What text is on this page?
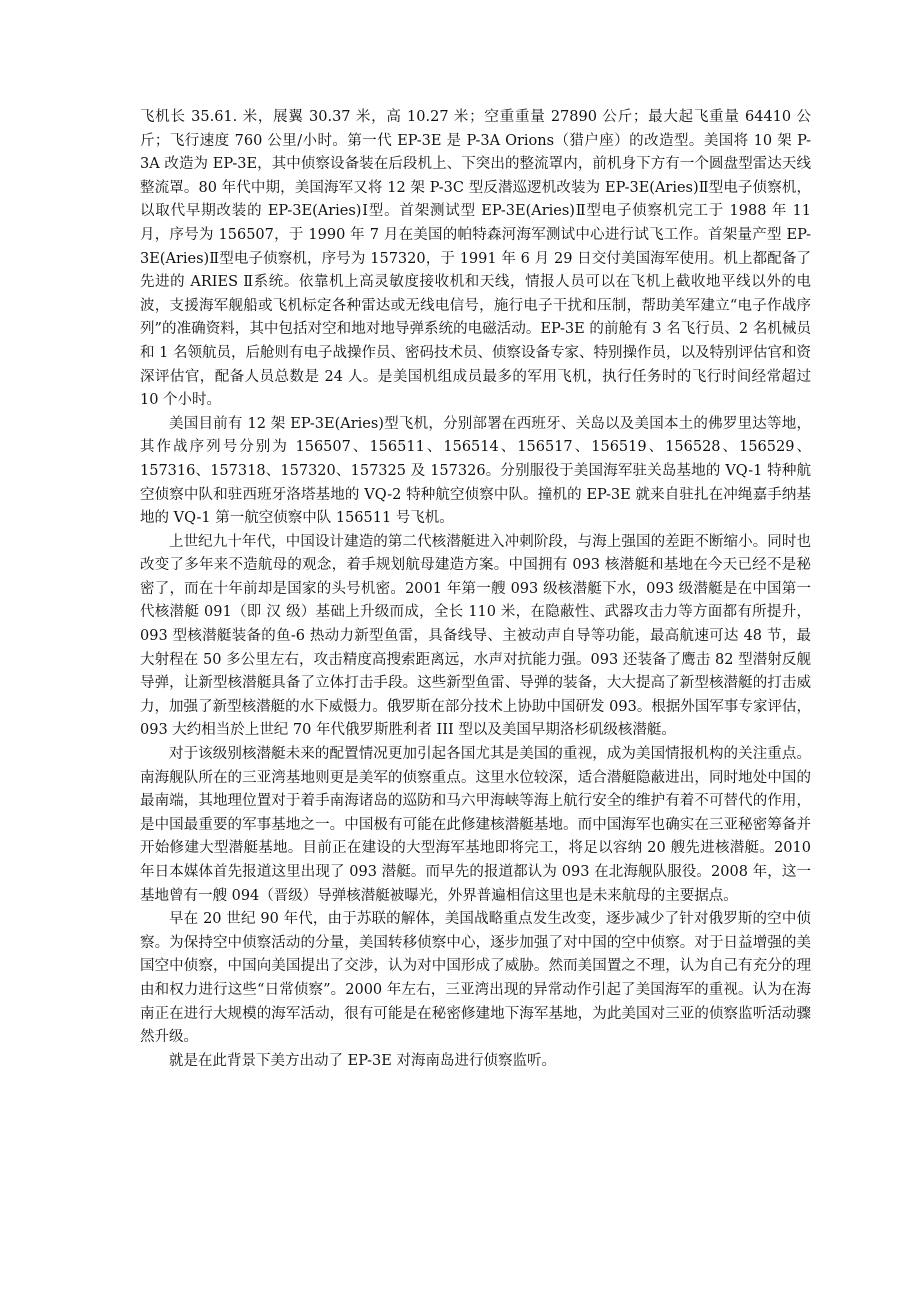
飞机长 35.61. 米，展翼 30.37 米，高 10.27 米；空重重量 27890 公斤；最大起飞重量 64410 公斤；飞行速度 760 公里/小时。第一代 EP-3E 是 P-3A Orions（猎户座）的改造型。美国将 10 架 P-3A 改造为 EP-3E，其中侦察设备装在后段机上、下突出的整流罩内，前机身下方有一个圆盘型雷达天线整流罩。80 年代中期，美国海军又将 12 架 P-3C 型反潜巡逻机改装为 EP-3E(Aries)Ⅱ型电子侦察机，以取代早期改装的 EP-3E(Aries)Ⅰ型。首架测试型 EP-3E(Aries)Ⅱ型电子侦察机完工于 1988 年 11 月，序号为 156507，于 1990 年 7 月在美国的帕特森河海军测试中心进行试飞工作。首架量产型 EP-3E(Aries)Ⅱ型电子侦察机，序号为 157320，于 1991 年 6 月 29 日交付美国海军使用。机上都配备了先进的 ARIES Ⅱ系统。依靠机上高灵敏度接收机和天线，情报人员可以在飞机上截收地平线以外的电波，支援海军舰船或飞机标定各种雷达或无线电信号，施行电子干扰和压制，帮助美军建立“电子作战序列”的准确资料，其中包括对空和地对地导弹系统的电磁活动。EP-3E 的前舱有 3 名飞行员、2 名机械员和 1 名领航员，后舱则有电子战操作员、密码技术员、侦察设备专家、特别操作员，以及特别评估官和资深评估官，配备人员总数是 24 人。是美国机组成员最多的军用飞机，执行任务时的飞行时间经常超过 10 个小时。

美国目前有 12 架 EP-3E(Aries)型飞机，分别部署在西班牙、关岛以及美国本土的佛罗里达等地，其作战序列号分别为 156507、156511、156514、156517、156519、156528、156529、157316、157318、157320、157325 及 157326。分别服役于美国海军驻关岛基地的 VQ-1 特种航空侦察中队和驻西班牙洛塔基地的 VQ-2 特种航空侦察中队。撞机的 EP-3E 就来自驻扎在冲绳嘉手纳基地的 VQ-1 第一航空侦察中队 156511 号飞机。

上世纪九十年代，中国设计建造的第二代核潜艇进入冲刺阶段，与海上强国的差距不断缩小。同时也改变了多年来不造航母的观念，着手规划航母建造方案。中国拥有 093 核潜艇和基地在今天已经不是秘密了，而在十年前却是国家的头号机密。2001 年第一艘 093 级核潜艇下水，093 级潜艇是在中国第一代核潜艇 091（即 汉 级）基础上升级而成，全长 110 米，在隐蔽性、武器攻击力等方面都有所提升，093 型核潜艇装备的鱼-6 热动力新型鱼雷，具备线导、主被动声自导等功能，最高航速可达 48 节，最大射程在 50 多公里左右，攻击精度高搜索距离远，水声对抗能力强。093 还装备了鹰击 82 型潜射反舰导弹，让新型核潜艇具备了立体打击手段。这些新型鱼雷、导弹的装备，大大提高了新型核潜艇的打击威力，加强了新型核潜艇的水下威慑力。俄罗斯在部分技术上协助中国研发 093。根据外国军事专家评估，093 大约相当於上世纪 70 年代俄罗斯胜利者 III 型以及美国早期洛杉矶级核潜艇。

对于该级别核潜艇未来的配置情况更加引起各国尤其是美国的重视，成为美国情报机构的关注重点。南海舰队所在的三亚湾基地则更是美军的侦察重点。这里水位较深，适合潜艇隐蔽进出，同时地处中国的最南端，其地理位置对于着手南海诸岛的巡防和马六甲海峡等海上航行安全的维护有着不可替代的作用，是中国最重要的军事基地之一。中国极有可能在此修建核潜艇基地。而中国海军也确实在三亚秘密筹备并开始修建大型潜艇基地。目前正在建设的大型海军基地即将完工，将足以容纳 20 艘先进核潜艇。2010 年日本媒体首先报道这里出现了 093 潜艇。而早先的报道都认为 093 在北海舰队服役。2008 年，这一基地曾有一艘 094（晋级）导弹核潜艇被曝光，外界普遍相信这里也是未来航母的主要据点。

早在 20 世纪 90 年代，由于苏联的解体，美国战略重点发生改变，逐步减少了针对俄罗斯的空中侦察。为保持空中侦察活动的分量，美国转移侦察中心，逐步加强了对中国的空中侦察。对于日益增强的美国空中侦察，中国向美国提出了交涉，认为对中国形成了威胁。然而美国置之不理，认为自己有充分的理由和权力进行这些“日常侦察”。2000 年左右，三亚湾出现的异常动作引起了美国海军的重视。认为在海南正在进行大规模的海军活动，很有可能是在秘密修建地下海军基地，为此美国对三亚的侦察监听活动骤然升级。

就是在此背景下美方出动了 EP-3E 对海南岛进行侦察监听。
